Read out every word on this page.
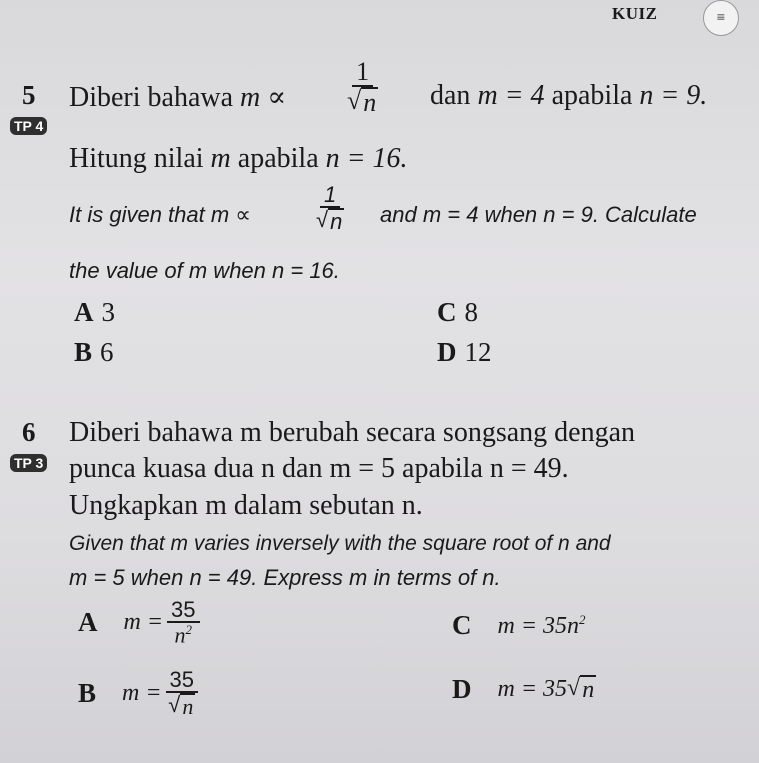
KUIZ	≡
5
TP 4
Diberi bahawa $m \propto \frac{1}{√ n}$ dan m = 4 apabila n = 9.
Hitung nilai m apabila n = 16.
It is given that m ∝	$\frac{1}{√ n}$ and m = 4 when n = 9. Calculate
the value of m when n = 16.
A 3
B 6
C 8
D 12
6
TP 3
Diberi bahawa m berubah secara songsang dengan
punca kuasa dua n dan m = 5 apabila n = 49.
Ungkapkan m dalam sebutan n.
Given that m varies inversely with the square root of n and
m = 5 when n = 49. Express m in terms of n.
A $m = \frac{35}{n^2}$
B $m = \frac{35}{√ n}$
C $m = 35n^2$
D m = 35 √ n
